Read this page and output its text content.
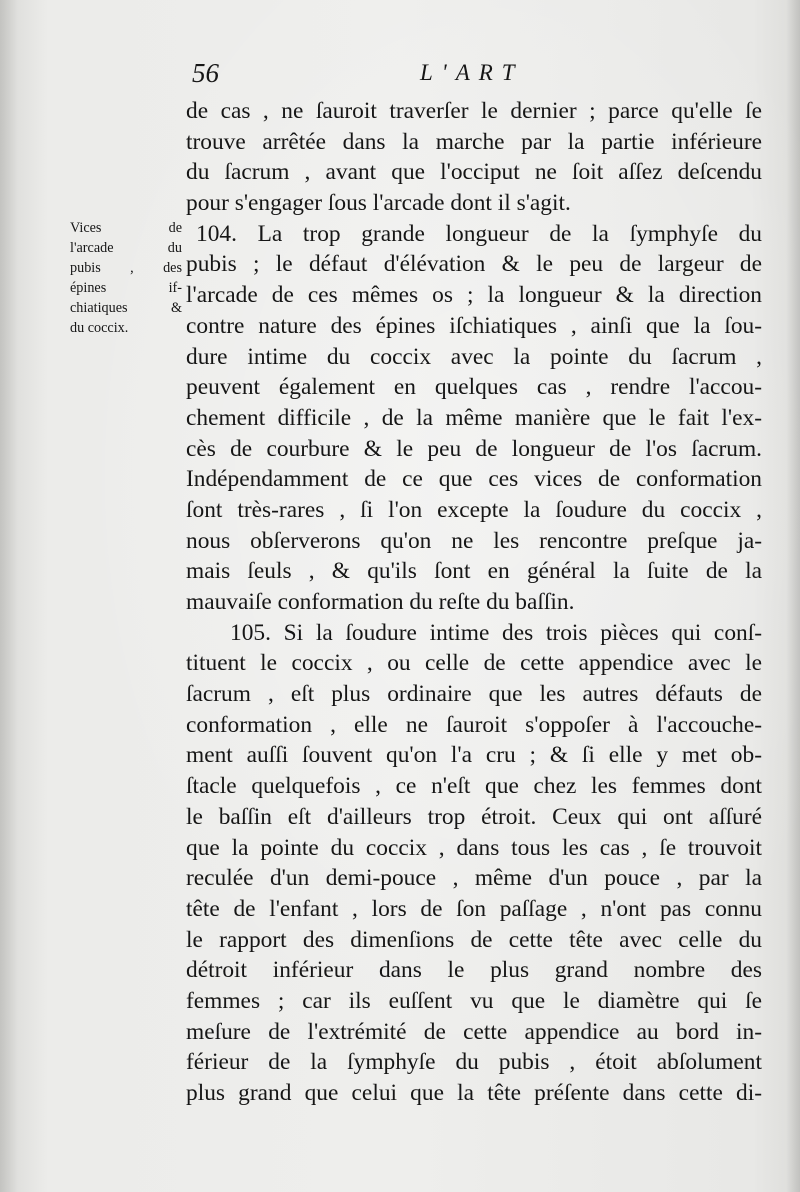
56	L'ART
Vices de
l'arcade du
pubis , des
épines if-
chiatiques &
du coccix.

de cas , ne ſauroit traverſer le dernier ; parce qu'elle ſe
trouve arrêtée dans la marche par la partie inférieure
du ſacrum , avant que l'occiput ne ſoit aſſez deſcendu
pour s'engager ſous l'arcade dont il s'agit.
104. La trop grande longueur de la ſymphyſe du
pubis ; le défaut d'élévation & le peu de largeur de
l'arcade de ces mêmes os ; la longueur & la direction
contre nature des épines iſchiatiques , ainſi que la ſou-
dure intime du coccix avec la pointe du ſacrum ,
peuvent également en quelques cas , rendre l'accou-
chement difficile , de la même manière que le fait l'ex-
cès de courbure & le peu de longueur de l'os ſacrum.
Indépendamment de ce que ces vices de conformation
ſont très-rares , ſi l'on excepte la ſoudure du coccix ,
nous obſerverons qu'on ne les rencontre preſque ja-
mais ſeuls , & qu'ils ſont en général la ſuite de la
mauvaiſe conformation du reſte du baſſin.
105. Si la ſoudure intime des trois pièces qui conſ-
tituent le coccix , ou celle de cette appendice avec le
ſacrum , eſt plus ordinaire que les autres défauts de
conformation , elle ne ſauroit s'oppoſer à l'accouche-
ment auſſi ſouvent qu'on l'a cru ; & ſi elle y met ob-
ſtacle quelquefois , ce n'eſt que chez les femmes dont
le baſſin eſt d'ailleurs trop étroit. Ceux qui ont aſſuré
que la pointe du coccix , dans tous les cas , ſe trouvoit
reculée d'un demi-pouce , même d'un pouce , par la
tête de l'enfant , lors de ſon paſſage , n'ont pas connu
le rapport des dimenſions de cette tête avec celle du
détroit inférieur dans le plus grand nombre des
femmes ; car ils euſſent vu que le diamètre qui ſe
meſure de l'extrémité de cette appendice au bord in-
férieur de la ſymphyſe du pubis , étoit abſolument
plus grand que celui que la tête préſente dans cette di-
